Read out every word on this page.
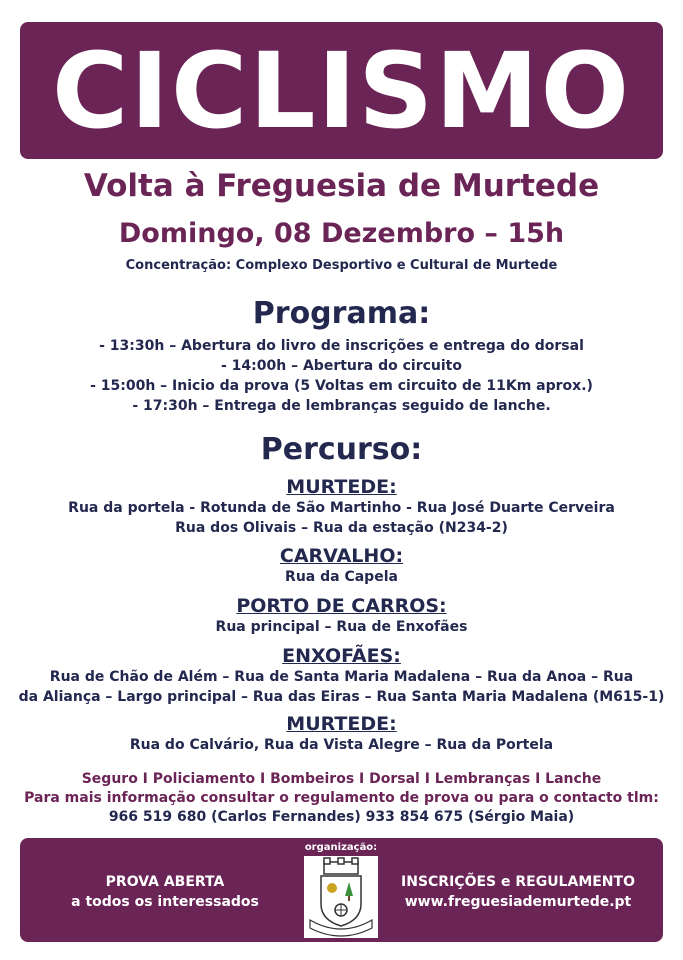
CICLISMO
Volta à Freguesia de Murtede
Domingo, 08 Dezembro – 15h
Concentração: Complexo Desportivo e Cultural de Murtede
Programa:
- 13:30h – Abertura do livro de inscrições e entrega do dorsal
- 14:00h – Abertura do circuito
- 15:00h – Inicio da prova (5 Voltas em circuito de 11Km aprox.)
- 17:30h – Entrega de lembranças seguido de lanche.
Percurso:
MURTEDE:
Rua da portela - Rotunda de São Martinho - Rua José Duarte Cerveira
Rua dos Olivais – Rua da estação (N234-2)
CARVALHO:
Rua da Capela
PORTO DE CARROS:
Rua principal – Rua de Enxofães
ENXOFÃES:
Rua de Chão de Além – Rua de Santa Maria Madalena – Rua da Anoa – Rua
da Aliança – Largo principal – Rua das Eiras – Rua Santa Maria Madalena (M615-1)
MURTEDE:
Rua do Calvário, Rua da Vista Alegre – Rua da Portela
Seguro I Policiamento I Bombeiros I Dorsal I Lembranças I Lanche
Para mais informação consultar o regulamento de prova ou para o contacto tlm:
966 519 680 (Carlos Fernandes) 933 854 675 (Sérgio Maia)
PROVA ABERTA
a todos os interessados
organização:
INSCRIÇÕES e REGULAMENTO
www.freguesiademurtede.pt
